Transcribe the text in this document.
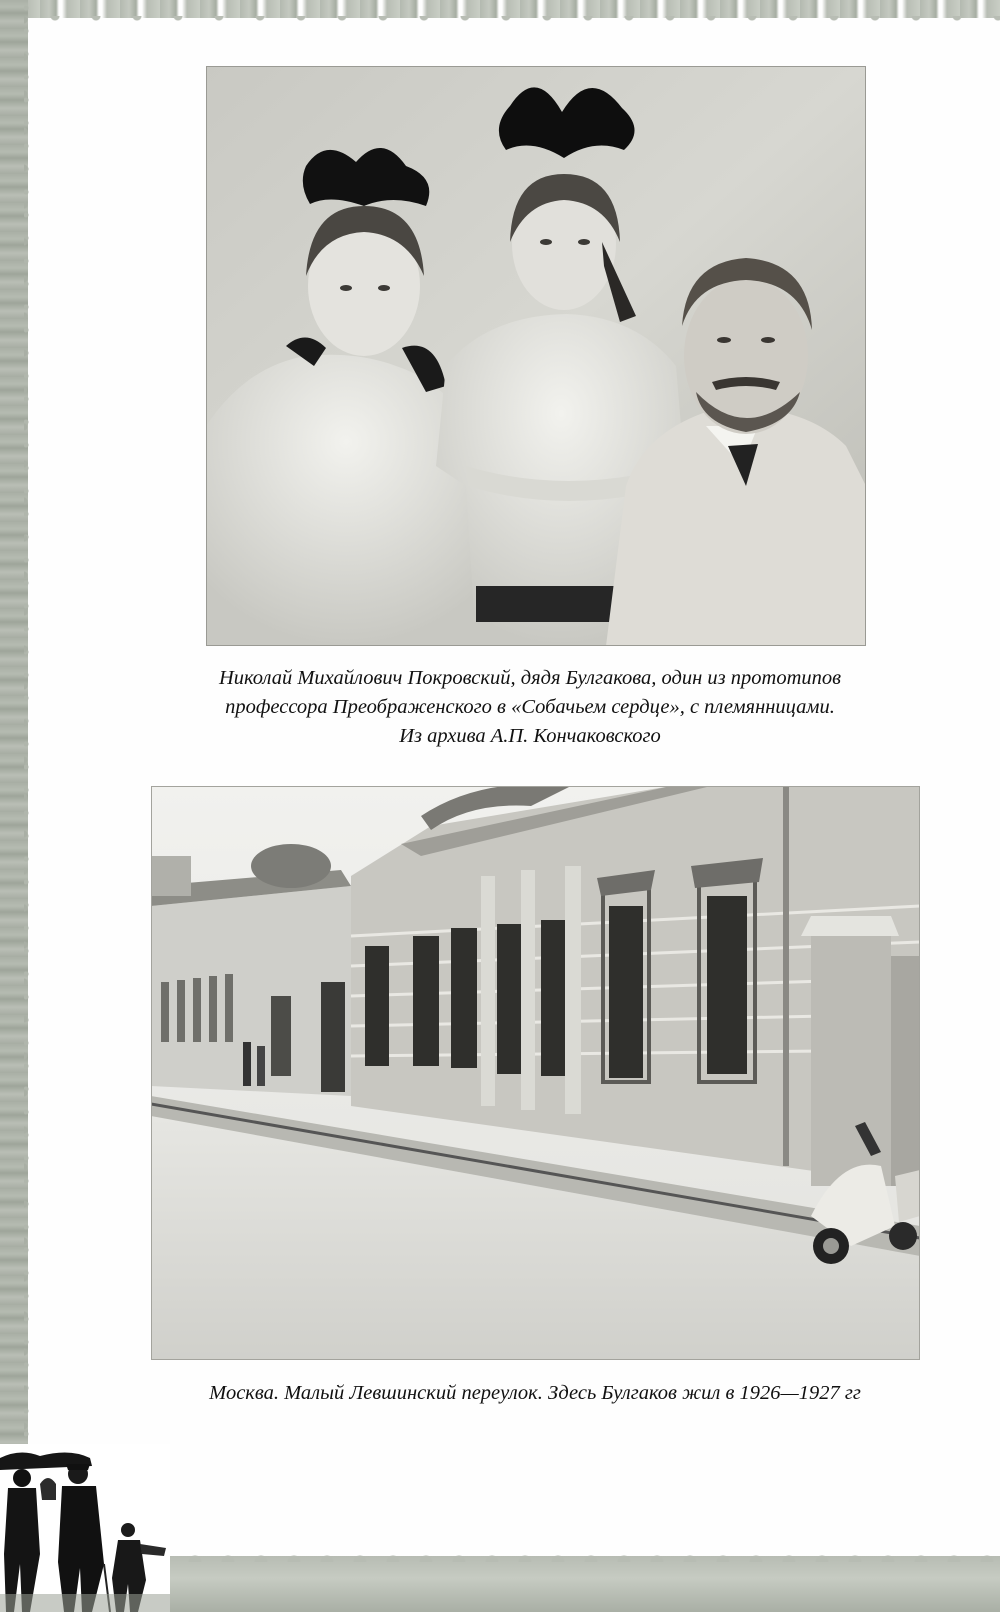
Николай Михайлович Покровский, дядя Булгакова, один из прототипов
профессора Преображенского в «Собачьем сердце», с племянницами.
Из архива А.П. Кончаковского
Москва. Малый Левшинский переулок. Здесь Булгаков жил в 1926—1927 гг
